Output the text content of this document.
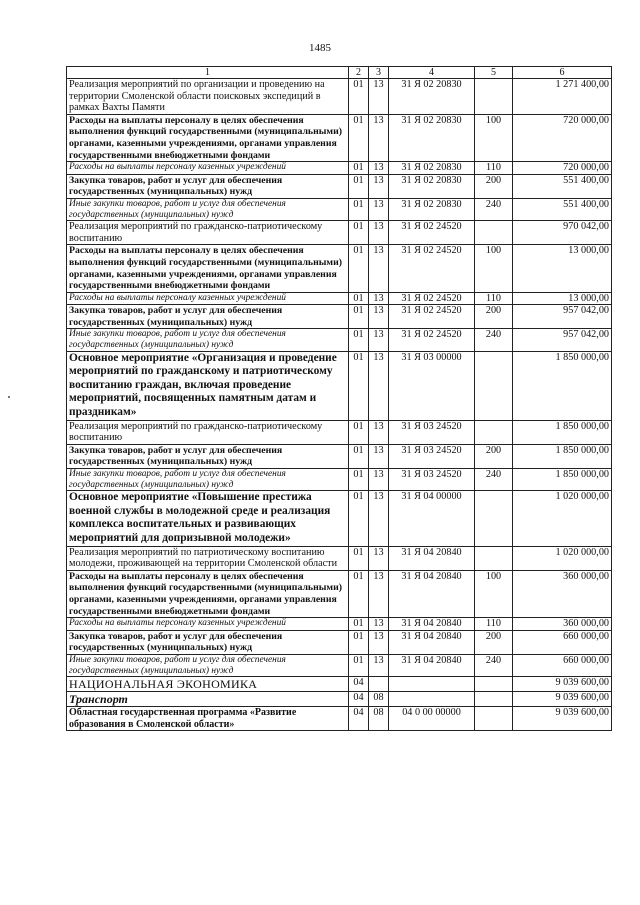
1485
1	2	3	4	5	6
Реализация мероприятий по организации и проведению на территории Смоленской области поисковых экспедиций в рамках Вахты Памяти	01	13	31 Я 02 20830		1 271 400,00
Расходы на выплаты персоналу в целях обеспечения выполнения функций государственными (муниципальными) органами, казенными учреждениями, органами управления государственными внебюджетными фондами	01	13	31 Я 02 20830	100	720 000,00
Расходы на выплаты персоналу казенных учреждений	01	13	31 Я 02 20830	110	720 000,00
Закупка товаров, работ и услуг для обеспечения государственных (муниципальных) нужд	01	13	31 Я 02 20830	200	551 400,00
Иные закупки товаров, работ и услуг для обеспечения государственных (муниципальных) нужд	01	13	31 Я 02 20830	240	551 400,00
Реализация мероприятий по гражданско-патриотическому воспитанию	01	13	31 Я 02 24520		970 042,00
Расходы на выплаты персоналу в целях обеспечения выполнения функций государственными (муниципальными) органами, казенными учреждениями, органами управления государственными внебюджетными фондами	01	13	31 Я 02 24520	100	13 000,00
Расходы на выплаты персоналу казенных учреждений	01	13	31 Я 02 24520	110	13 000,00
Закупка товаров, работ и услуг для обеспечения государственных (муниципальных) нужд	01	13	31 Я 02 24520	200	957 042,00
Иные закупки товаров, работ и услуг для обеспечения государственных (муниципальных) нужд	01	13	31 Я 02 24520	240	957 042,00
Основное мероприятие «Организация и проведение мероприятий по гражданскому и патриотическому воспитанию граждан, включая проведение мероприятий, посвященных памятным датам и праздникам»	01	13	31 Я 03 00000		1 850 000,00
Реализация мероприятий по гражданско-патриотическому воспитанию	01	13	31 Я 03 24520		1 850 000,00
Закупка товаров, работ и услуг для обеспечения государственных (муниципальных) нужд	01	13	31 Я 03 24520	200	1 850 000,00
Иные закупки товаров, работ и услуг для обеспечения государственных (муниципальных) нужд	01	13	31 Я 03 24520	240	1 850 000,00
Основное мероприятие «Повышение престижа военной службы в молодежной среде и реализация комплекса воспитательных и развивающих мероприятий для допризывной молодежи»	01	13	31 Я 04 00000		1 020 000,00
Реализация мероприятий по патриотическому воспитанию молодежи, проживающей на территории Смоленской области	01	13	31 Я 04 20840		1 020 000,00
Расходы на выплаты персоналу в целях обеспечения выполнения функций государственными (муниципальными) органами, казенными учреждениями, органами управления государственными внебюджетными фондами	01	13	31 Я 04 20840	100	360 000,00
Расходы на выплаты персоналу казенных учреждений	01	13	31 Я 04 20840	110	360 000,00
Закупка товаров, работ и услуг для обеспечения государственных (муниципальных) нужд	01	13	31 Я 04 20840	200	660 000,00
Иные закупки товаров, работ и услуг для обеспечения государственных (муниципальных) нужд	01	13	31 Я 04 20840	240	660 000,00
НАЦИОНАЛЬНАЯ ЭКОНОМИКА	04				9 039 600,00
Транспорт	04	08			9 039 600,00
Областная государственная программа «Развитие образования в Смоленской области»	04	08	04 0 00 00000		9 039 600,00
